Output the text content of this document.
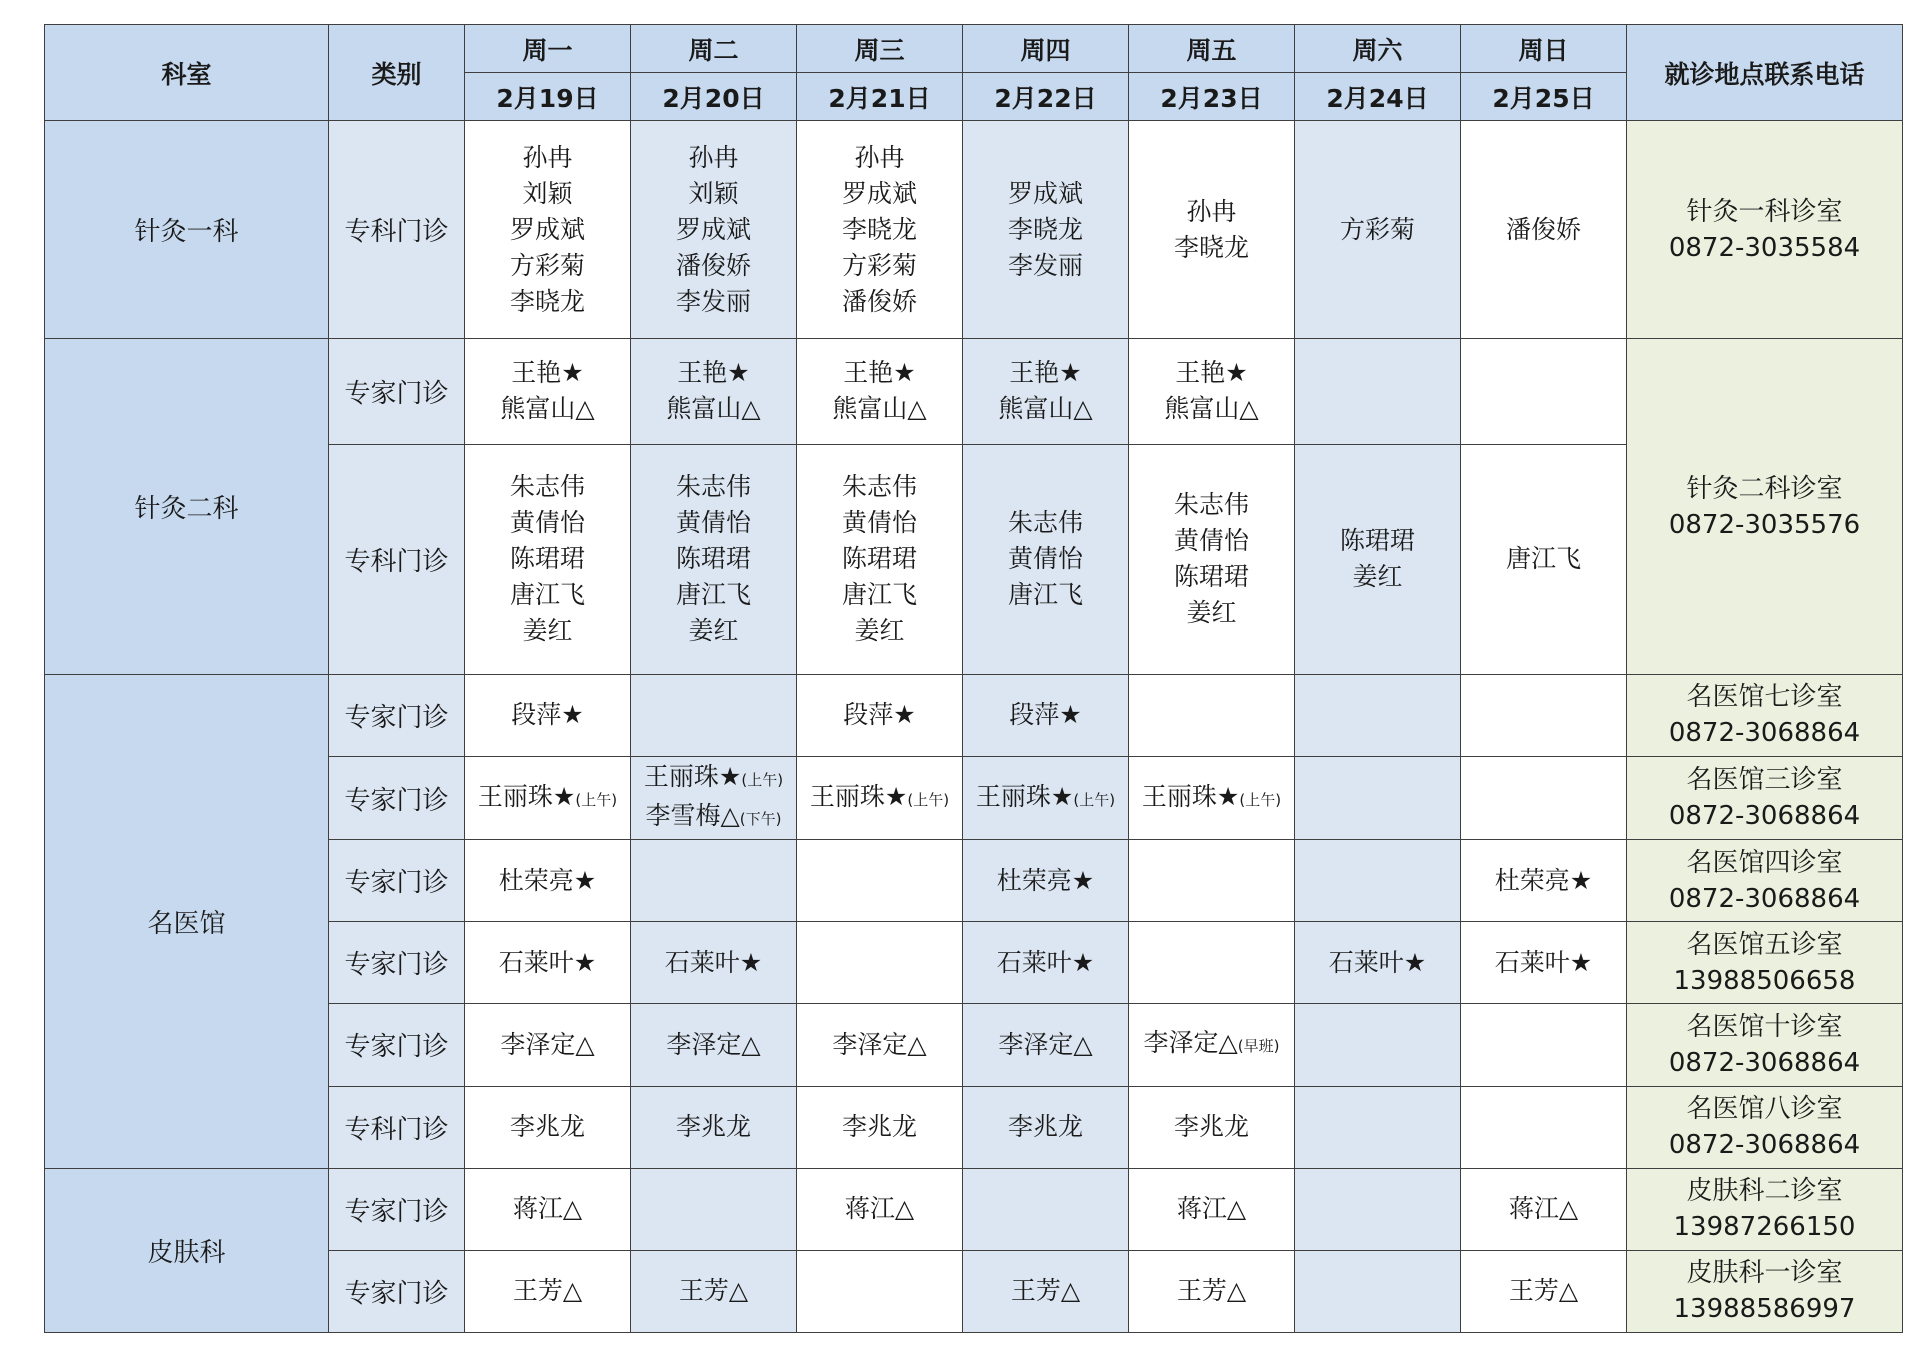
科室	类别	周一	周二	周三	周四	周五	周六	周日	就诊地点联系电话
		2月19日	2月20日	2月21日	2月22日	2月23日	2月24日	2月25日	
针灸一科	专科门诊	孙冉
刘颖
罗成斌
方彩菊
李晓龙	孙冉
刘颖
罗成斌
潘俊娇
李发丽	孙冉
罗成斌
李晓龙
方彩菊
潘俊娇	罗成斌
李晓龙
李发丽	孙冉
李晓龙	方彩菊	潘俊娇	针灸一科诊室
0872-3035584

针灸二科	专家门诊	王艳★
熊富山△	王艳★
熊富山△	王艳★
熊富山△	王艳★
熊富山△	王艳★
熊富山△			针灸二科诊室
0872-3035576

	专科门诊	朱志伟
黄倩怡
陈珺珺
唐江飞
姜红	朱志伟
黄倩怡
陈珺珺
唐江飞
姜红	朱志伟
黄倩怡
陈珺珺
唐江飞
姜红	朱志伟
黄倩怡
唐江飞	朱志伟
黄倩怡
陈珺珺
姜红	陈珺珺
姜红	唐江飞	

名医馆	专家门诊	段萍★		段萍★	段萍★				名医馆七诊室
0872-3068864

	专家门诊	王丽珠★(上午)	王丽珠★(上午)
李雪梅△(下午)	王丽珠★(上午)	王丽珠★(上午)	王丽珠★(上午)			名医馆三诊室
0872-3068864

	专家门诊	杜荣亮★			杜荣亮★			杜荣亮★	名医馆四诊室
0872-3068864

	专家门诊	石莱叶★	石莱叶★		石莱叶★		石莱叶★	石莱叶★	名医馆五诊室
13988506658

	专家门诊	李泽定△	李泽定△	李泽定△	李泽定△	李泽定△(早班)			名医馆十诊室
0872-3068864

	专科门诊	李兆龙	李兆龙	李兆龙	李兆龙	李兆龙			名医馆八诊室
0872-3068864

皮肤科	专家门诊	蒋江△		蒋江△		蒋江△		蒋江△	皮肤科二诊室
13987266150

	专家门诊	王芳△	王芳△		王芳△	王芳△		王芳△	皮肤科一诊室
13988586997
